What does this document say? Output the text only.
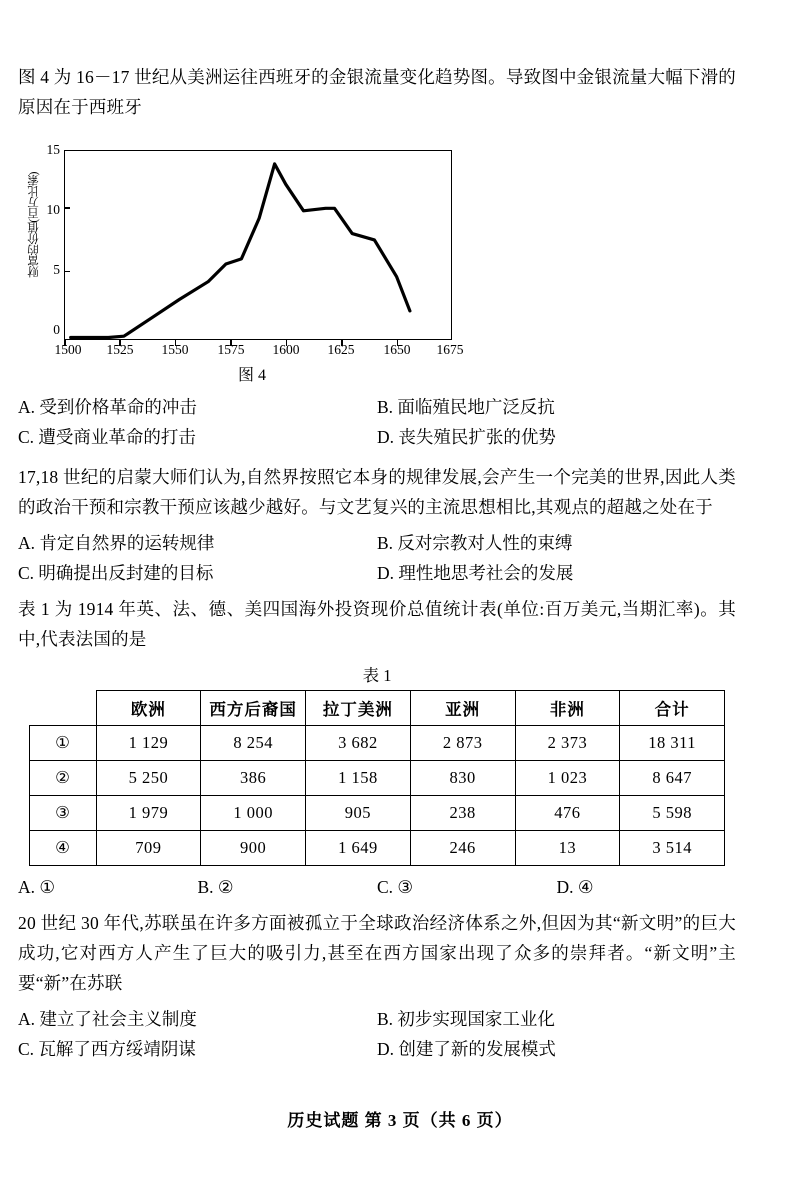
图 4 为 16－17 世纪从美洲运往西班牙的金银流量变化趋势图。导致图中金银流量大幅下滑的原因在于西班牙
财富的价值(百万比索)
15
10
5
0
1500 1525 1550 1575 1600 1625 1650 1675
图 4
A. 受到价格革命的冲击	B. 面临殖民地广泛反抗
C. 遭受商业革命的打击	D. 丧失殖民扩张的优势
17,18 世纪的启蒙大师们认为,自然界按照它本身的规律发展,会产生一个完美的世界,因此人类的政治干预和宗教干预应该越少越好。与文艺复兴的主流思想相比,其观点的超越之处在于
A. 肯定自然界的运转规律	B. 反对宗教对人性的束缚
C. 明确提出反封建的目标	D. 理性地思考社会的发展
表 1 为 1914 年英、法、德、美四国海外投资现价总值统计表(单位:百万美元,当期汇率)。其中,代表法国的是
表 1
	欧洲	西方后裔国	拉丁美洲	亚洲	非洲	合计
①	1 129	8 254	3 682	2 873	2 373	18 311
②	5 250	386	1 158	830	1 023	8 647
③	1 979	1 000	905	238	476	5 598
④	709	900	1 649	246	13	3 514
A. ①	B. ②	C. ③	D. ④
20 世纪 30 年代,苏联虽在许多方面被孤立于全球政治经济体系之外,但因为其“新文明”的巨大成功,它对西方人产生了巨大的吸引力,甚至在西方国家出现了众多的崇拜者。“新文明”主要“新”在苏联
A. 建立了社会主义制度	B. 初步实现国家工业化
C. 瓦解了西方绥靖阴谋	D. 创建了新的发展模式
历史试题 第 3 页（共 6 页）
